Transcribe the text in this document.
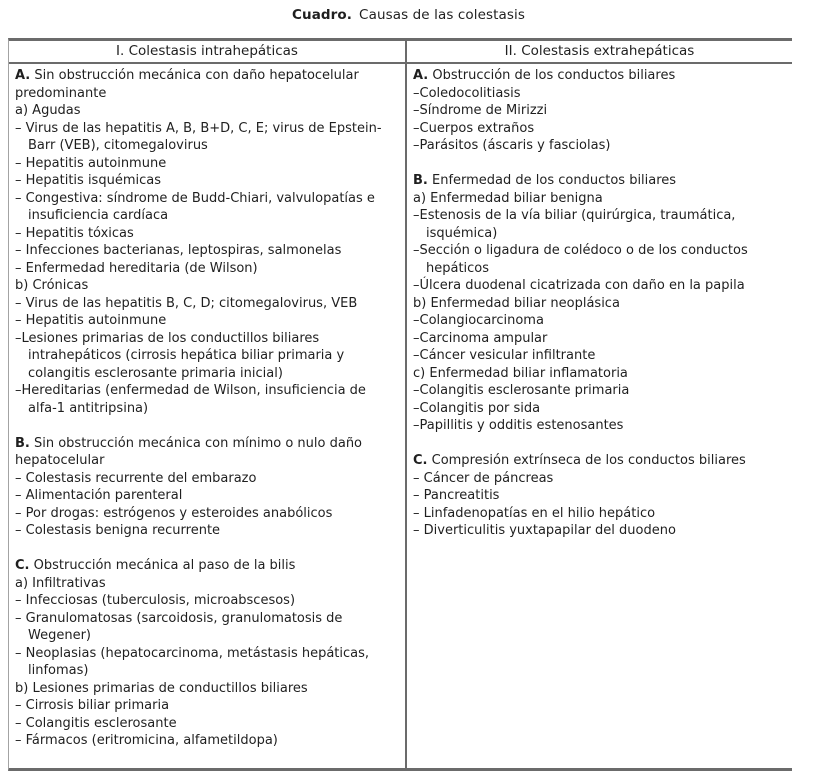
Cuadro. Causas de las colestasis
I. Colestasis intrahepáticas	II. Colestasis extrahepáticas
A. Sin obstrucción mecánica con daño hepatocelular predominante
a) Agudas
– Virus de las hepatitis A, B, B+D, C, E; virus de Epstein-Barr (VEB), citomegalovirus
– Hepatitis autoinmune
– Hepatitis isquémicas
– Congestiva: síndrome de Budd-Chiari, valvulopatías e insuficiencia cardíaca
– Hepatitis tóxicas
– Infecciones bacterianas, leptospiras, salmonelas
– Enfermedad hereditaria (de Wilson)
b) Crónicas
– Virus de las hepatitis B, C, D; citomegalovirus, VEB
– Hepatitis autoinmune
–Lesiones primarias de los conductillos biliares intrahepáticos (cirrosis hepática biliar primaria y colangitis esclerosante primaria inicial)
–Hereditarias (enfermedad de Wilson, insuficiencia de alfa-1 antitripsina)
B. Sin obstrucción mecánica con mínimo o nulo daño hepatocelular
– Colestasis recurrente del embarazo
– Alimentación parenteral
– Por drogas: estrógenos y esteroides anabólicos
– Colestasis benigna recurrente
C. Obstrucción mecánica al paso de la bilis
a) Infiltrativas
– Infecciosas (tuberculosis, microabscesos)
– Granulomatosas (sarcoidosis, granulomatosis de Wegener)
– Neoplasias (hepatocarcinoma, metástasis hepáticas, linfomas)
b) Lesiones primarias de conductillos biliares
– Cirrosis biliar primaria
– Colangitis esclerosante
– Fármacos (eritromicina, alfametildopa)
A. Obstrucción de los conductos biliares
–Coledocolitiasis
–Síndrome de Mirizzi
–Cuerpos extraños
–Parásitos (áscaris y fasciolas)
B. Enfermedad de los conductos biliares
a) Enfermedad biliar benigna
–Estenosis de la vía biliar (quirúrgica, traumática, isquémica)
–Sección o ligadura de colédoco o de los conductos hepáticos
–Úlcera duodenal cicatrizada con daño en la papila
b) Enfermedad biliar neoplásica
–Colangiocarcinoma
–Carcinoma ampular
–Cáncer vesicular infiltrante
c) Enfermedad biliar inflamatoria
–Colangitis esclerosante primaria
–Colangitis por sida
–Papillitis y odditis estenosantes
C. Compresión extrínseca de los conductos biliares
– Cáncer de páncreas
– Pancreatitis
– Linfadenopatías en el hilio hepático
– Diverticulitis yuxtapapilar del duodeno
